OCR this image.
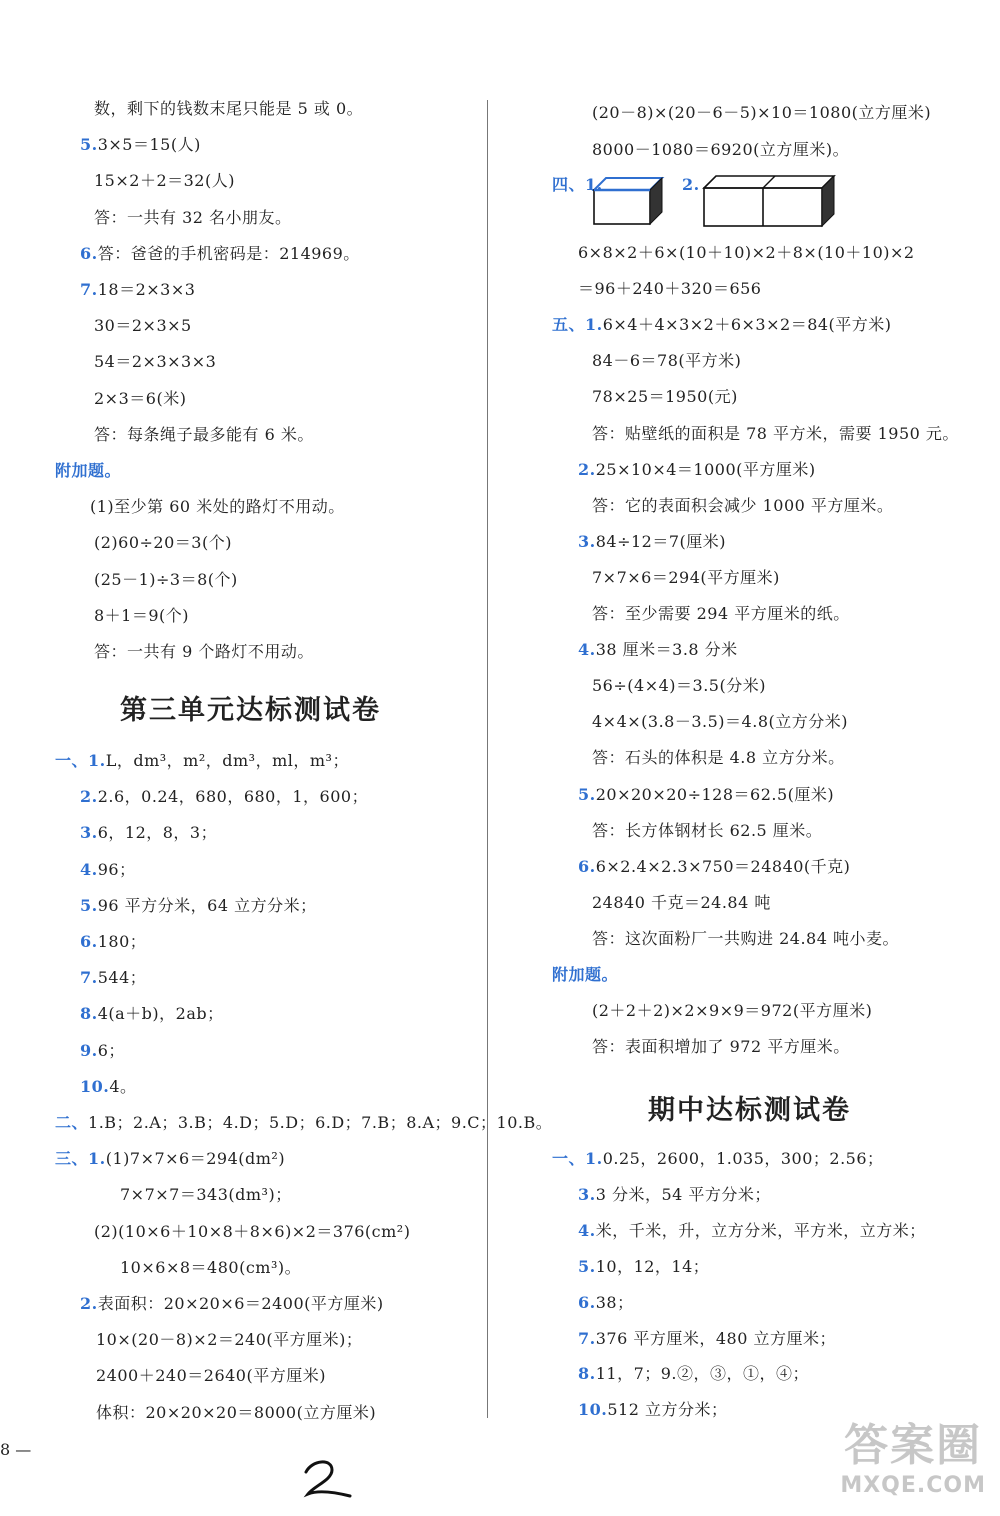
数，剩下的钱数末尾只能是 5 或 0。
5.3×5＝15(人)
15×2＋2＝32(人)
答：一共有 32 名小朋友。
6.答：爸爸的手机密码是：214969。
7.18＝2×3×3
30＝2×3×5
54＝2×3×3×3
2×3＝6(米)
答：每条绳子最多能有 6 米。
附加题。
(1)至少第 60 米处的路灯不用动。
(2)60÷20＝3(个)
(25－1)÷3＝8(个)
8＋1＝9(个)
答：一共有 9 个路灯不用动。
第三单元达标测试卷
一、1.L，dm³，m²，dm³，ml，m³；
2.2.6，0.24，680，680，1，600；
3.6，12，8，3；
4.96；
5.96 平方分米，64 立方分米；
6.180；
7.544；
8.4(a＋b)，2ab；
9.6；
10.4。
二、1.B；2.A；3.B；4.D；5.D；6.D；7.B；8.A；9.C；10.B。
三、1.(1)7×7×6＝294(dm²)
7×7×7＝343(dm³)；
(2)(10×6＋10×8＋8×6)×2＝376(cm²)
10×6×8＝480(cm³)。
2.表面积：20×20×6＝2400(平方厘米)
10×(20－8)×2＝240(平方厘米)；
2400＋240＝2640(平方厘米)
体积：20×20×20＝8000(立方厘米)
(20－8)×(20－6－5)×10＝1080(立方厘米)
8000－1080＝6920(立方厘米)。
四、1.	2.
6×8×2＋6×(10＋10)×2＋8×(10＋10)×2
＝96＋240＋320＝656
五、1.6×4＋4×3×2＋6×3×2＝84(平方米)
84－6＝78(平方米)
78×25＝1950(元)
答：贴壁纸的面积是 78 平方米，需要 1950 元。
2.25×10×4＝1000(平方厘米)
答：它的表面积会减少 1000 平方厘米。
3.84÷12＝7(厘米)
7×7×6＝294(平方厘米)
答：至少需要 294 平方厘米的纸。
4.38 厘米＝3.8 分米
56÷(4×4)＝3.5(分米)
4×4×(3.8－3.5)＝4.8(立方分米)
答：石头的体积是 4.8 立方分米。
5.20×20×20÷128＝62.5(厘米)
答：长方体钢材长 62.5 厘米。
6.6×2.4×2.3×750＝24840(千克)
24840 千克＝24.84 吨
答：这次面粉厂一共购进 24.84 吨小麦。
附加题。
(2＋2＋2)×2×9×9＝972(平方厘米)
答：表面积增加了 972 平方厘米。
期中达标测试卷
一、1.0.25，2600，1.035，300；2.56；
3.3 分米，54 平方分米；
4.米，千米，升，立方分米，平方米，立方米；
5.10，12，14；
6.38；
7.376 平方厘米，480 立方厘米；
8.11，7；9.②，③，①，④；
10.512 立方分米；
8 —	答案圈
MXQE.COM
